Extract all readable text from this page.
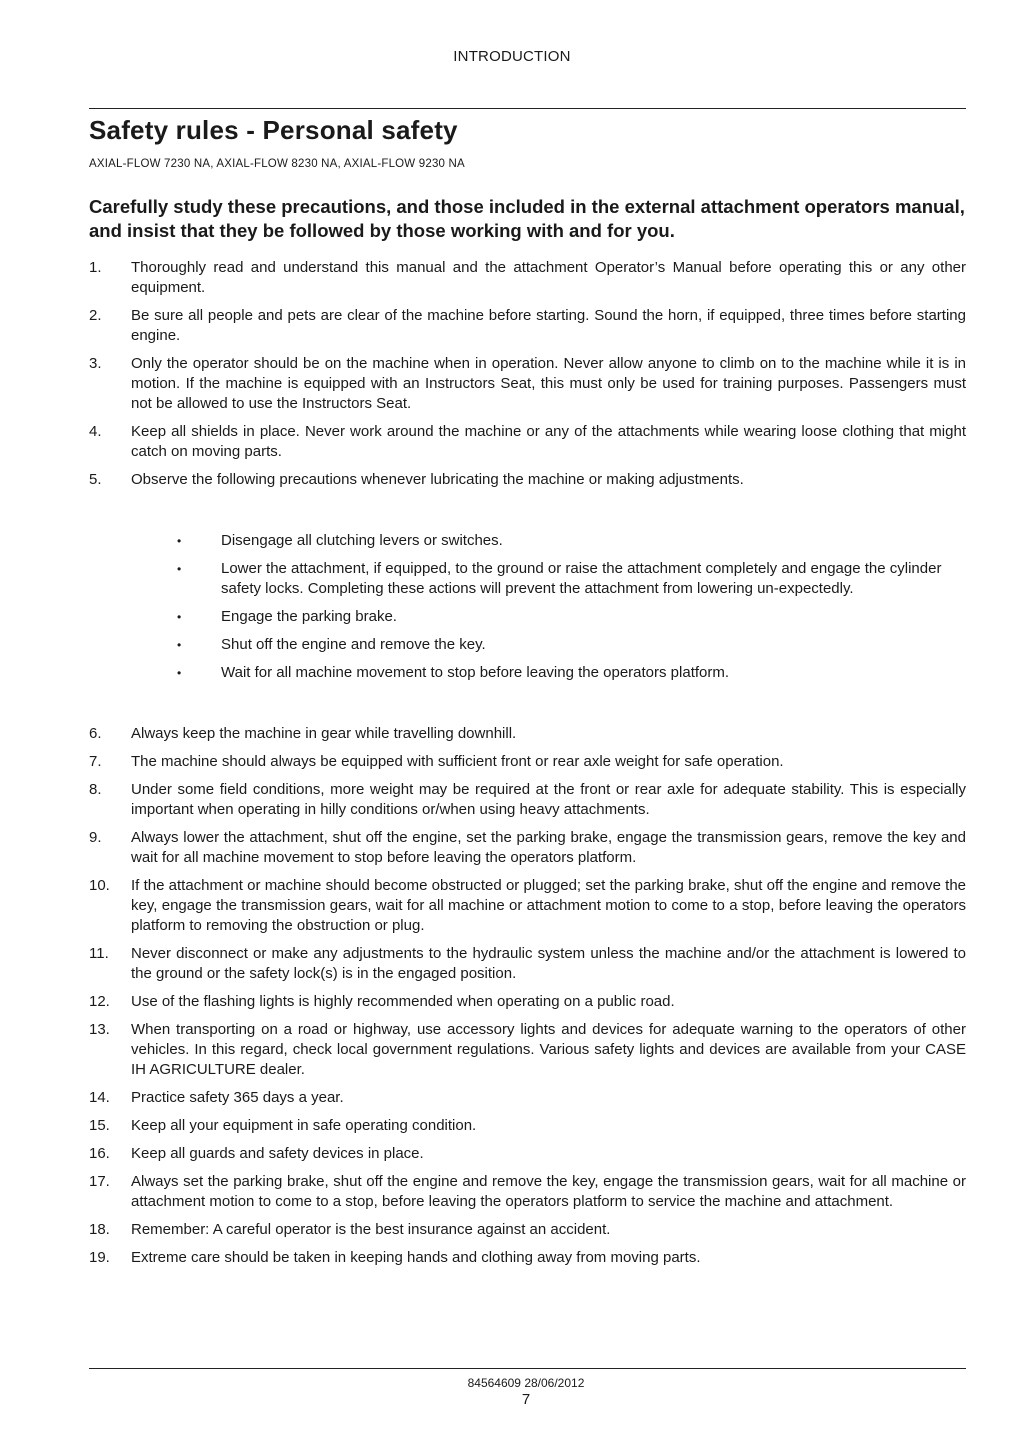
INTRODUCTION
Safety rules - Personal safety
AXIAL-FLOW 7230 NA, AXIAL-FLOW 8230 NA, AXIAL-FLOW 9230 NA

Carefully study these precautions, and those included in the external attachment operators manual, and insist that they be followed by those working with and for you.

1. Thoroughly read and understand this manual and the attachment Operator’s Manual before operating this or any other equipment.
2. Be sure all people and pets are clear of the machine before starting. Sound the horn, if equipped, three times before starting engine.
3. Only the operator should be on the machine when in operation. Never allow anyone to climb on to the machine while it is in motion. If the machine is equipped with an Instructors Seat, this must only be used for training purposes. Passengers must not be allowed to use the Instructors Seat.
4. Keep all shields in place. Never work around the machine or any of the attachments while wearing loose clothing that might catch on moving parts.
5. Observe the following precautions whenever lubricating the machine or making adjustments.
•	Disengage all clutching levers or switches.
•	Lower the attachment, if equipped, to the ground or raise the attachment completely and engage the cylinder safety locks. Completing these actions will prevent the attachment from lowering un-expectedly.
•	Engage the parking brake.
•	Shut off the engine and remove the key.
•	Wait for all machine movement to stop before leaving the operators platform.
6. Always keep the machine in gear while travelling downhill.
7. The machine should always be equipped with sufficient front or rear axle weight for safe operation.
8. Under some field conditions, more weight may be required at the front or rear axle for adequate stability. This is especially important when operating in hilly conditions or/when using heavy attachments.
9. Always lower the attachment, shut off the engine, set the parking brake, engage the transmission gears, remove the key and wait for all machine movement to stop before leaving the operators platform.
10. If the attachment or machine should become obstructed or plugged; set the parking brake, shut off the engine and remove the key, engage the transmission gears, wait for all machine or attachment motion to come to a stop, before leaving the operators platform to removing the obstruction or plug.
11. Never disconnect or make any adjustments to the hydraulic system unless the machine and/or the attachment is lowered to the ground or the safety lock(s) is in the engaged position.
12. Use of the flashing lights is highly recommended when operating on a public road.
13. When transporting on a road or highway, use accessory lights and devices for adequate warning to the operators of other vehicles. In this regard, check local government regulations. Various safety lights and devices are available from your CASE IH AGRICULTURE dealer.
14. Practice safety 365 days a year.
15. Keep all your equipment in safe operating condition.
16. Keep all guards and safety devices in place.
17. Always set the parking brake, shut off the engine and remove the key, engage the transmission gears, wait for all machine or attachment motion to come to a stop, before leaving the operators platform to service the machine and attachment.
18. Remember: A careful operator is the best insurance against an accident.
19. Extreme care should be taken in keeping hands and clothing away from moving parts.
84564609 28/06/2012
7
